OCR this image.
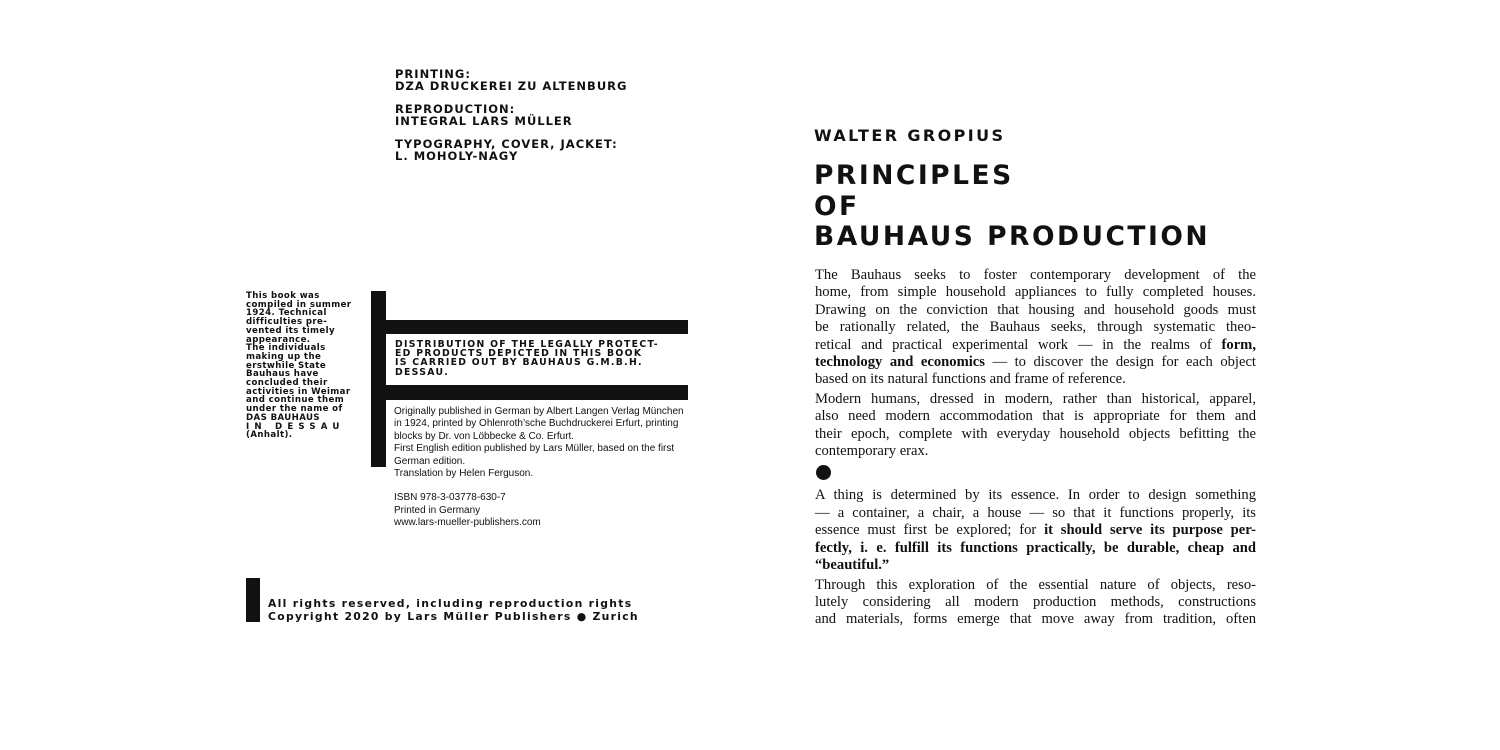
PRINTING:
DZA DRUCKEREI ZU ALTENBURG
REPRODUCTION:
INTEGRAL LARS MÜLLER
TYPOGRAPHY, COVER, JACKET:
L. MOHOLY-NAGY
This book was
compiled in summer
1924. Technical
difficulties pre-
vented its timely
appearance.
The individuals
making up the
erstwhile State
Bauhaus have
concluded their
activities in Weimar
and continue them
under the name of
DAS BAUHAUS
IN DESSAU
(Anhalt).
DISTRIBUTION OF THE LEGALLY PROTECT-
ED PRODUCTS DEPICTED IN THIS BOOK
IS CARRIED OUT BY BAUHAUS G.M.B.H.
DESSAU.
Originally published in German by Albert Langen Verlag München
in 1924, printed by Ohlenroth’sche Buchdruckerei Erfurt, printing
blocks by Dr. von Löbbecke & Co. Erfurt.
First English edition published by Lars Müller, based on the first
German edition.
Translation by Helen Ferguson.
ISBN 978-3-03778-630-7
Printed in Germany
www.lars-mueller-publishers.com
All rights reserved, including reproduction rights
Copyright 2020 by Lars Müller Publishers ● Zurich
WALTER GROPIUS
PRINCIPLES
OF
BAUHAUS PRODUCTION
The Bauhaus seeks to foster contemporary development of the
home, from simple household appliances to fully completed houses.
Drawing on the conviction that housing and household goods must
be rationally related, the Bauhaus seeks, through systematic theo-
retical and practical experimental work — in the realms of form,
technology and economics — to discover the design for each object
based on its natural functions and frame of reference.
Modern humans, dressed in modern, rather than historical, apparel,
also need modern accommodation that is appropriate for them and
their epoch, complete with everyday household objects befitting the
contemporary erax.
A thing is determined by its essence. In order to design something
— a container, a chair, a house — so that it functions properly, its
essence must first be explored; for it should serve its purpose per-
fectly, i. e. fulfill its functions practically, be durable, cheap and
“beautiful.”
Through this exploration of the essential nature of objects, reso-
lutely considering all modern production methods, constructions
and materials, forms emerge that move away from tradition, often
